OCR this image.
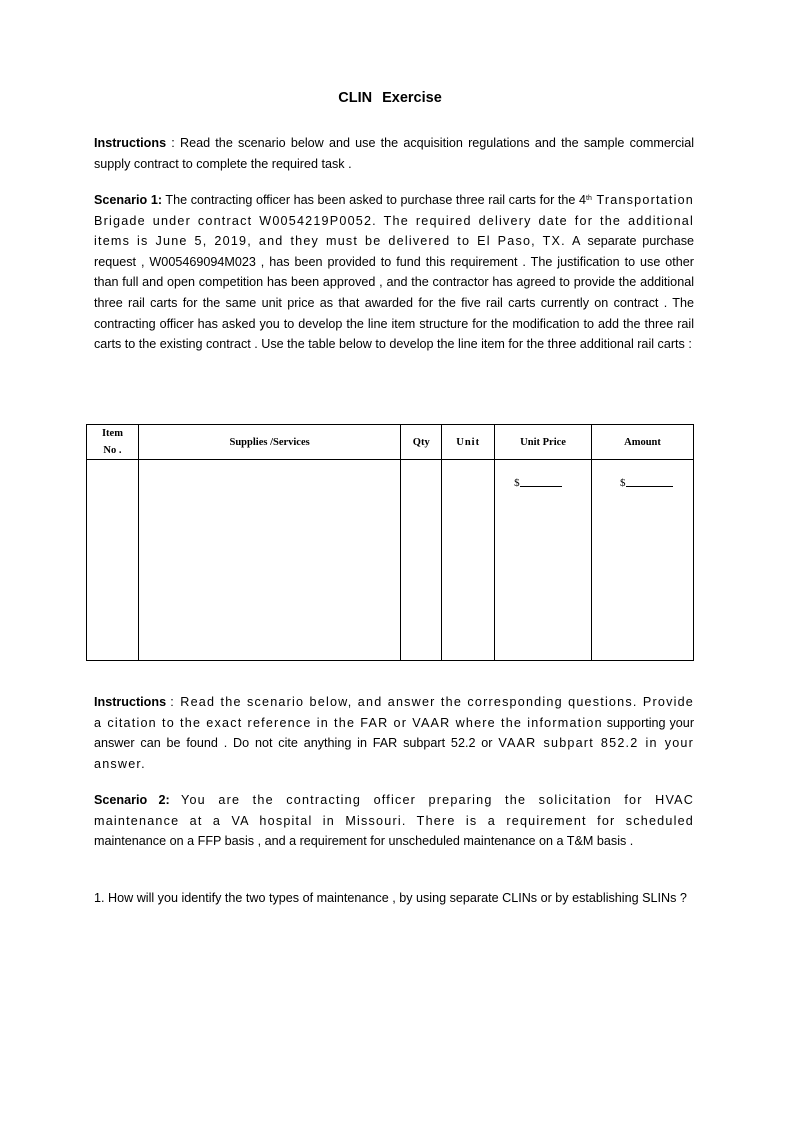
CLIN Exercise

Instructions : Read the scenario below and use the acquisition regulations and the sample commercial supply contract to complete the required task .

Scenario 1: The contracting officer has been asked to purchase three rail carts for the 4th Transportation Brigade under contract W0054219P0052. The required delivery date for the additional items is June 5, 2019, and they must be delivered to El Paso, TX. A separate purchase request , W005469094M023 , has been provided to fund this requirement . The justification to use other than full and open competition has been approved , and the contractor has agreed to provide the additional three rail carts for the same unit price as that awarded for the five rail carts currently on contract . The contracting officer has asked you to develop the line item structure for the modification to add the three rail carts to the existing contract . Use the table below to develop the line item for the three additional rail carts :

Item No .	Supplies /Services	Qty	Unit	Unit Price	Amount
				$	$

Instructions : Read the scenario below, and answer the corresponding questions. Provide a citation to the exact reference in the FAR or VAAR where the information supporting your answer can be found . Do not cite anything in FAR subpart 52.2 or VAAR subpart 852.2 in your answer.

Scenario 2: You are the contracting officer preparing the solicitation for HVAC maintenance at a VA hospital in Missouri. There is a requirement for scheduled maintenance on a FFP basis , and a requirement for unscheduled maintenance on a T&M basis .

1. How will you identify the two types of maintenance , by using separate CLINs or by establishing SLINs ?
